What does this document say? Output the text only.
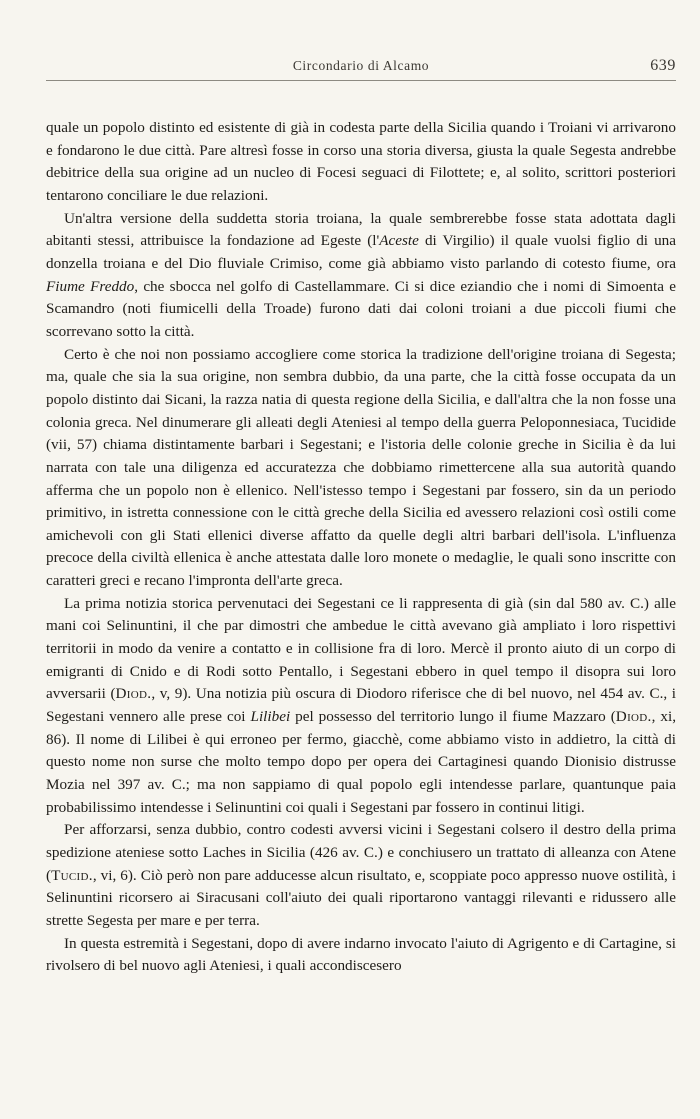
Circondario di Alcamo	639

quale un popolo distinto ed esistente di già in codesta parte della Sicilia quando i Troiani vi arrivarono e fondarono le due città. Pare altresì fosse in corso una storia diversa, giusta la quale Segesta andrebbe debitrice della sua origine ad un nucleo di Focesi seguaci di Filottete; e, al solito, scrittori posteriori tentarono conciliare le due relazioni.

Un'altra versione della suddetta storia troiana, la quale sembrerebbe fosse stata adottata dagli abitanti stessi, attribuisce la fondazione ad Egeste (l'Aceste di Virgilio) il quale vuolsi figlio di una donzella troiana e del Dio fluviale Crimiso, come già abbiamo visto parlando di cotesto fiume, ora Fiume Freddo, che sbocca nel golfo di Castellammare. Ci si dice eziandio che i nomi di Simoenta e Scamandro (noti fiumicelli della Troade) furono dati dai coloni troiani a due piccoli fiumi che scorrevano sotto la città.

Certo è che noi non possiamo accogliere come storica la tradizione dell'origine troiana di Segesta; ma, quale che sia la sua origine, non sembra dubbio, da una parte, che la città fosse occupata da un popolo distinto dai Sicani, la razza natia di questa regione della Sicilia, e dall'altra che la non fosse una colonia greca. Nel dinumerare gli alleati degli Ateniesi al tempo della guerra Peloponnesiaca, Tucidide (vii, 57) chiama distintamente barbari i Segestani; e l'istoria delle colonie greche in Sicilia è da lui narrata con tale una diligenza ed accuratezza che dobbiamo rimettercene alla sua autorità quando afferma che un popolo non è ellenico. Nell'istesso tempo i Segestani par fossero, sin da un periodo primitivo, in istretta connessione con le città greche della Sicilia ed avessero relazioni così ostili come amichevoli con gli Stati ellenici diverse affatto da quelle degli altri barbari dell'isola. L'influenza precoce della civiltà ellenica è anche attestata dalle loro monete o medaglie, le quali sono inscritte con caratteri greci e recano l'impronta dell'arte greca.

La prima notizia storica pervenutaci dei Segestani ce li rappresenta di già (sin dal 580 av. C.) alle mani coi Selinuntini, il che par dimostri che ambedue le città avevano già ampliato i loro rispettivi territorii in modo da venire a contatto e in collisione fra di loro. Mercè il pronto aiuto di un corpo di emigranti di Cnido e di Rodi sotto Pentallo, i Segestani ebbero in quel tempo il disopra sui loro avversarii (Diod., v, 9). Una notizia più oscura di Diodoro riferisce che di bel nuovo, nel 454 av. C., i Segestani vennero alle prese coi Lilibei pel possesso del territorio lungo il fiume Mazzaro (Diod., xi, 86). Il nome di Lilibei è qui erroneo per fermo, giacchè, come abbiamo visto in addietro, la città di questo nome non surse che molto tempo dopo per opera dei Cartaginesi quando Dionisio distrusse Mozia nel 397 av. C.; ma non sappiamo di qual popolo egli intendesse parlare, quantunque paia probabilissimo intendesse i Selinuntini coi quali i Segestani par fossero in continui litigi.

Per afforzarsi, senza dubbio, contro codesti avversi vicini i Segestani colsero il destro della prima spedizione ateniese sotto Laches in Sicilia (426 av. C.) e conchiusero un trattato di alleanza con Atene (Tucid., vi, 6). Ciò però non pare adducesse alcun risultato, e, scoppiate poco appresso nuove ostilità, i Selinuntini ricorsero ai Siracusani coll'aiuto dei quali riportarono vantaggi rilevanti e ridussero alle strette Segesta per mare e per terra.

In questa estremità i Segestani, dopo di avere indarno invocato l'aiuto di Agrigento e di Cartagine, si rivolsero di bel nuovo agli Ateniesi, i quali accondiscesero
